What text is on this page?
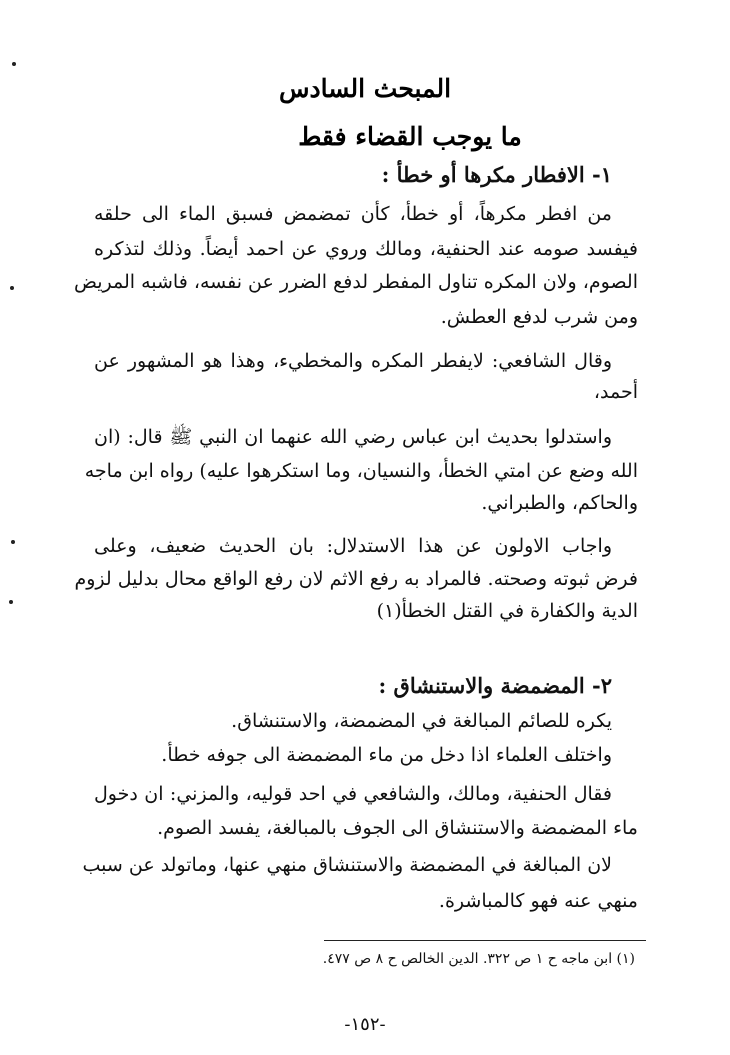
المبحث السادس
ما يوجب القضاء فقط
١- الافطار مكرها أو خطأ :
من افطر مكرهاً، أو خطأ، كأن تمضمض فسبق الماء الى حلقه
فيفسد صومه عند الحنفية، ومالك وروي عن احمد أيضاً. وذلك لتذكره
الصوم، ولان المكره تناول المفطر لدفع الضرر عن نفسه، فاشبه المريض
ومن شرب لدفع العطش.
وقال الشافعي: لايفطر المكره والمخطيء، وهذا هو المشهور عن
أحمد،
واستدلوا بحديث ابن عباس رضي الله عنهما ان النبي ﷺ قال: (ان
الله وضع عن امتي الخطأ، والنسيان، وما استكرهوا عليه) رواه ابن ماجه
والحاكم، والطبراني.
واجاب الاولون عن هذا الاستدلال: بان الحديث ضعيف، وعلى
فرض ثبوته وصحته. فالمراد به رفع الاثم لان رفع الواقع محال بدليل لزوم
الدية والكفارة في القتل الخطأ(١)
٢- المضمضة والاستنشاق :
يكره للصائم المبالغة في المضمضة، والاستنشاق.
واختلف العلماء اذا دخل من ماء المضمضة الى جوفه خطأ.
فقال الحنفية، ومالك، والشافعي في احد قوليه، والمزني: ان دخول
ماء المضمضة والاستنشاق الى الجوف بالمبالغة، يفسد الصوم.
لان المبالغة في المضمضة والاستنشاق منهي عنها، وماتولد عن سبب
منهي عنه فهو كالمباشرة.
(١) ابن ماجه ح ١ ص ٣٢٢. الدين الخالص ح ٨ ص ٤٧٧.
-١٥٢-
